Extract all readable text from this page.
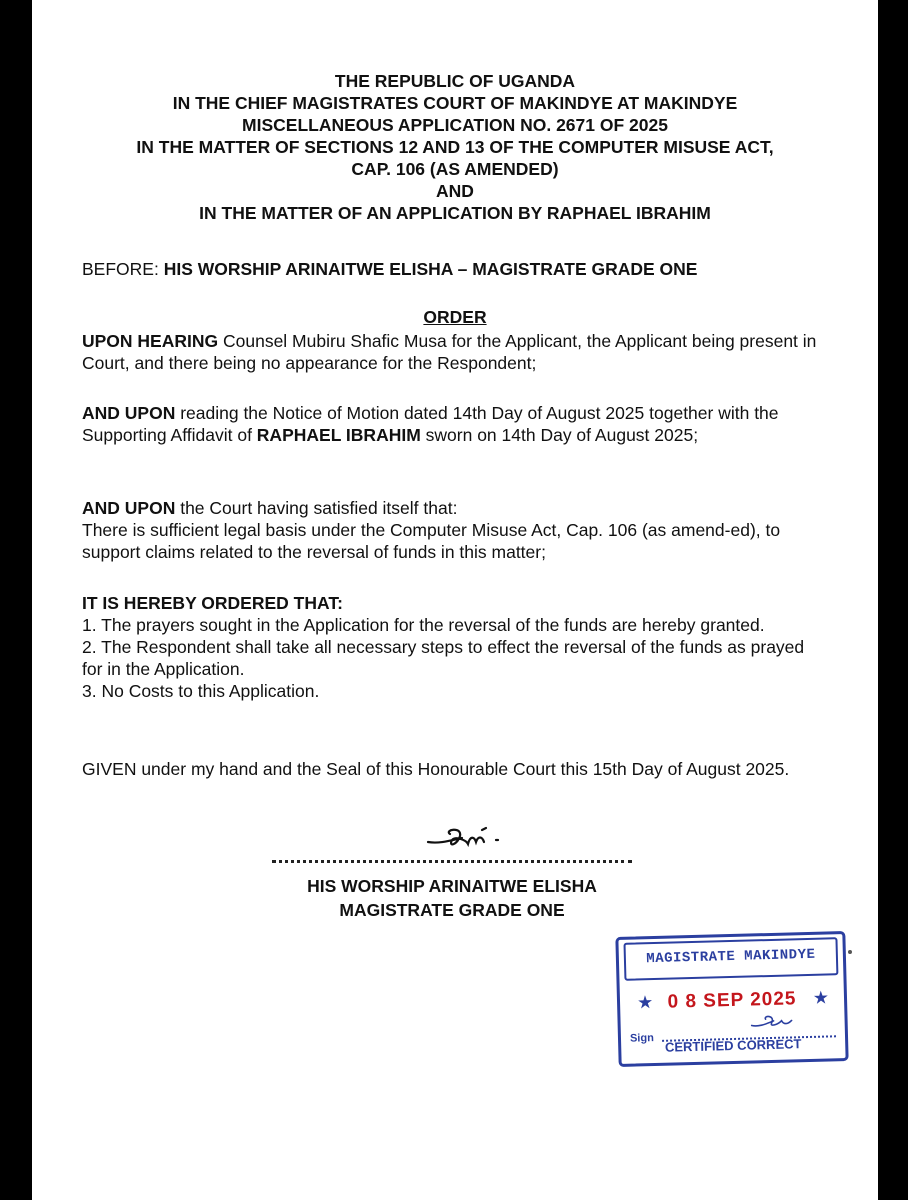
THE REPUBLIC OF UGANDA
IN THE CHIEF MAGISTRATES COURT OF MAKINDYE AT MAKINDYE
MISCELLANEOUS APPLICATION NO. 2671 OF 2025
IN THE MATTER OF SECTIONS 12 AND 13 OF THE COMPUTER MISUSE ACT,
CAP. 106 (AS AMENDED)
AND
IN THE MATTER OF AN APPLICATION BY RAPHAEL IBRAHIM
BEFORE: HIS WORSHIP ARINAITWE ELISHA – MAGISTRATE GRADE ONE
ORDER
UPON HEARING Counsel Mubiru Shafic Musa for the Applicant, the Applicant being present in Court, and there being no appearance for the Respondent;
AND UPON reading the Notice of Motion dated 14th Day of August 2025 together with the Supporting Affidavit of RAPHAEL IBRAHIM sworn on 14th Day of August 2025;
AND UPON the Court having satisfied itself that:
There is sufficient legal basis under the Computer Misuse Act, Cap. 106 (as amend-ed), to support claims related to the reversal of funds in this matter;
IT IS HEREBY ORDERED THAT:
1. The prayers sought in the Application for the reversal of the funds are hereby granted.
2. The Respondent shall take all necessary steps to effect the reversal of the funds as prayed for in the Application.
3. No Costs to this Application.
GIVEN under my hand and the Seal of this Honourable Court this 15th Day of August 2025.
HIS WORSHIP ARINAITWE ELISHA
MAGISTRATE GRADE ONE
MAGISTRATE MAKINDYE
★ 0 8 SEP 2025 ★
Sign CERTIFIED CORRECT
